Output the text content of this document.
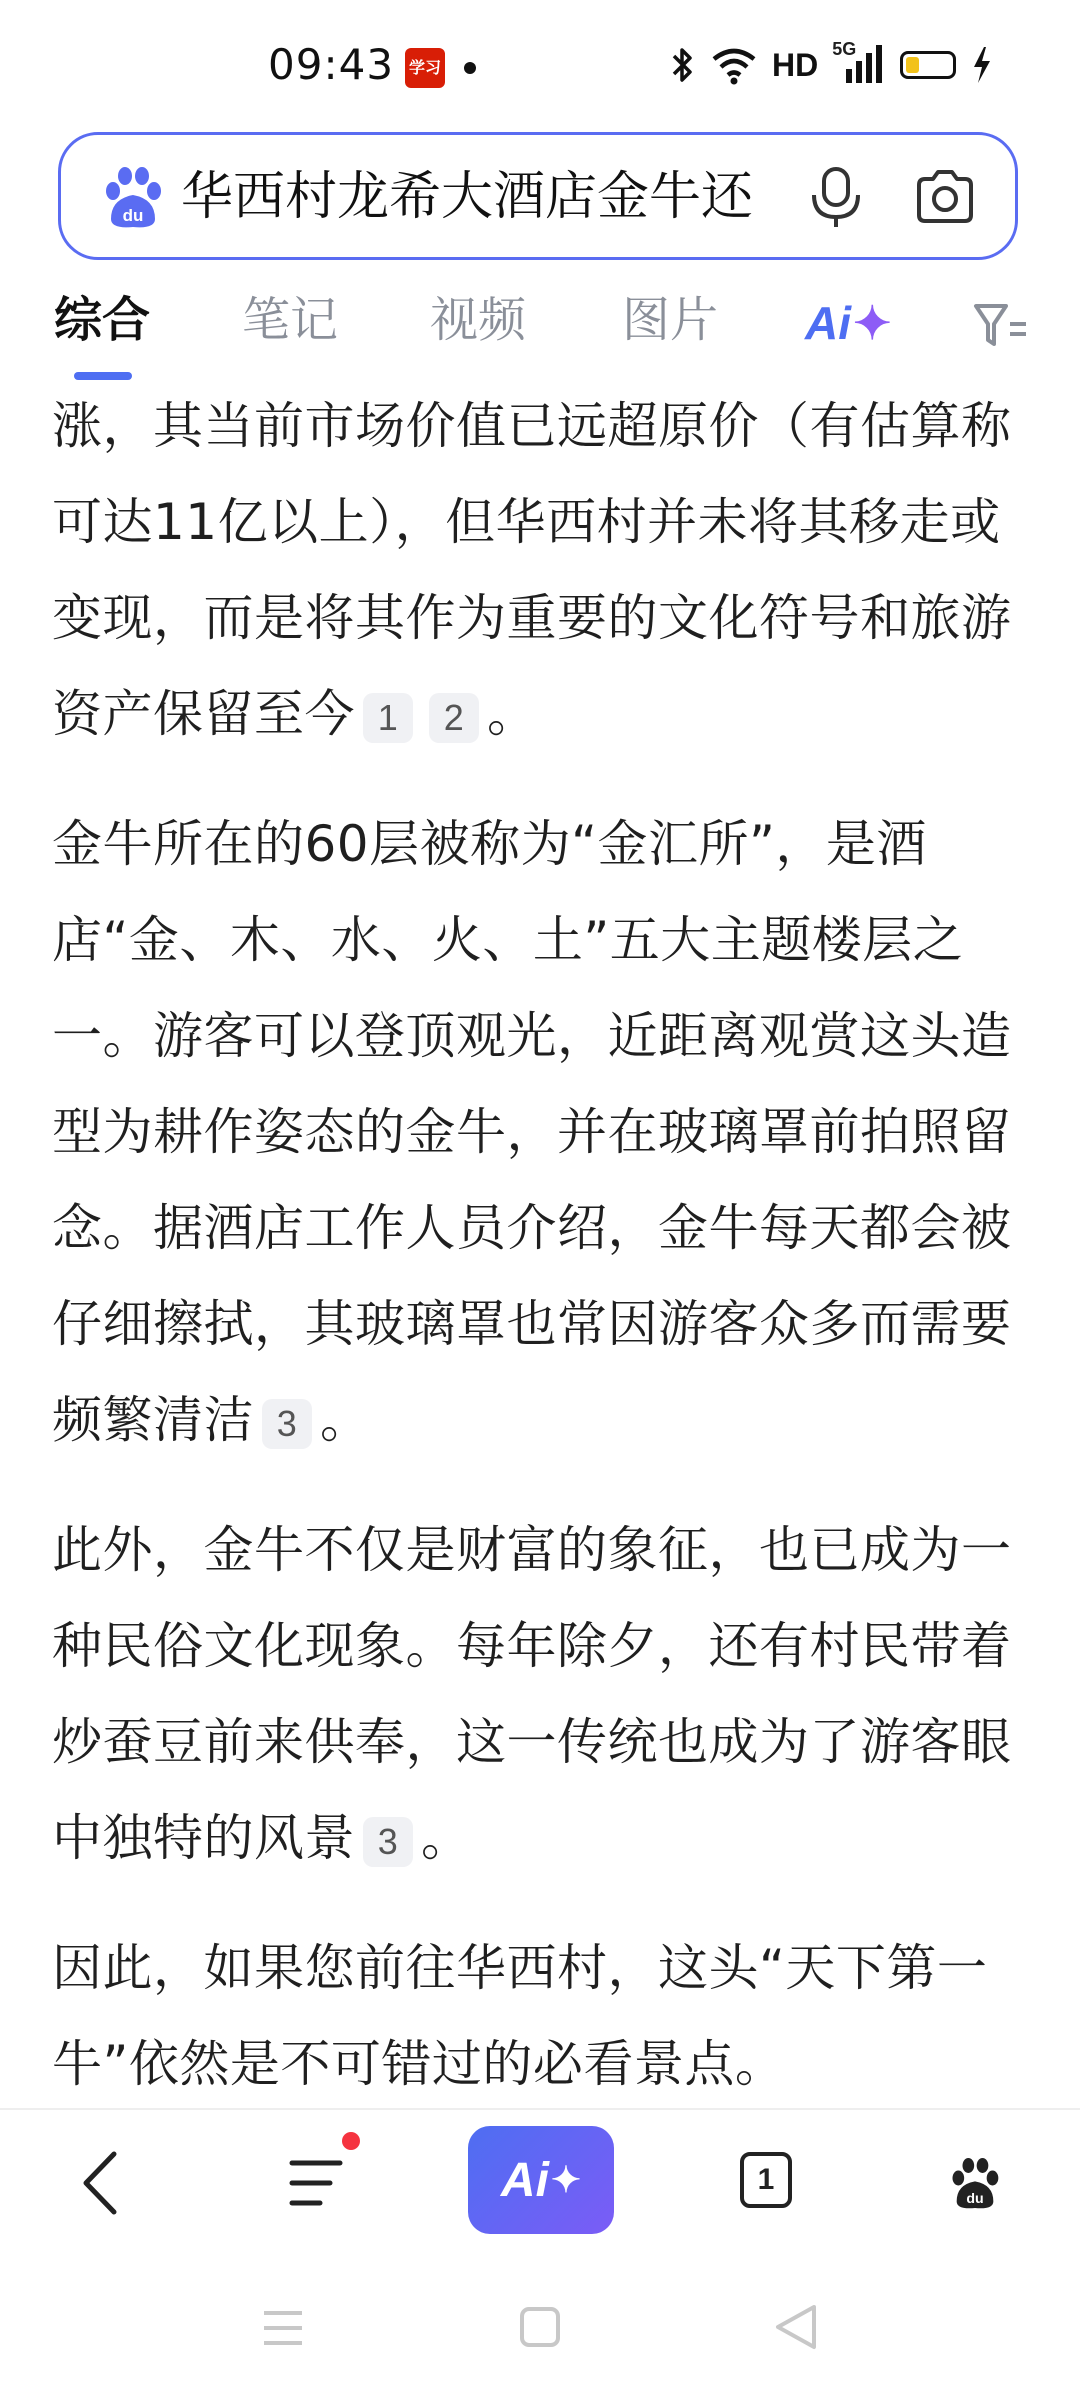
09:43 学习	HD 5G
du 华西村龙希大酒店金牛还
综合 笔记 视频 图片 Ai✦

涨，其当前市场价值已远超原价（有估算称可达11亿以上），但华西村并未将其移走或变现，而是将其作为重要的文化符号和旅游资产保留至今 1 2 。

金牛所在的60层被称为“金汇所”，是酒店“金、木、水、火、土”五大主题楼层之一。游客可以登顶观光，近距离观赏这头造型为耕作姿态的金牛，并在玻璃罩前拍照留念。据酒店工作人员介绍，金牛每天都会被仔细擦拭，其玻璃罩也常因游客众多而需要频繁清洁 3 。

此外，金牛不仅是财富的象征，也已成为一种民俗文化现象。每年除夕，还有村民带着炒蚕豆前来供奉，这一传统也成为了游客眼中独特的风景 3 。

因此，如果您前往华西村，这头“天下第一牛”依然是不可错过的必看景点。

du
Ai ✦	1
